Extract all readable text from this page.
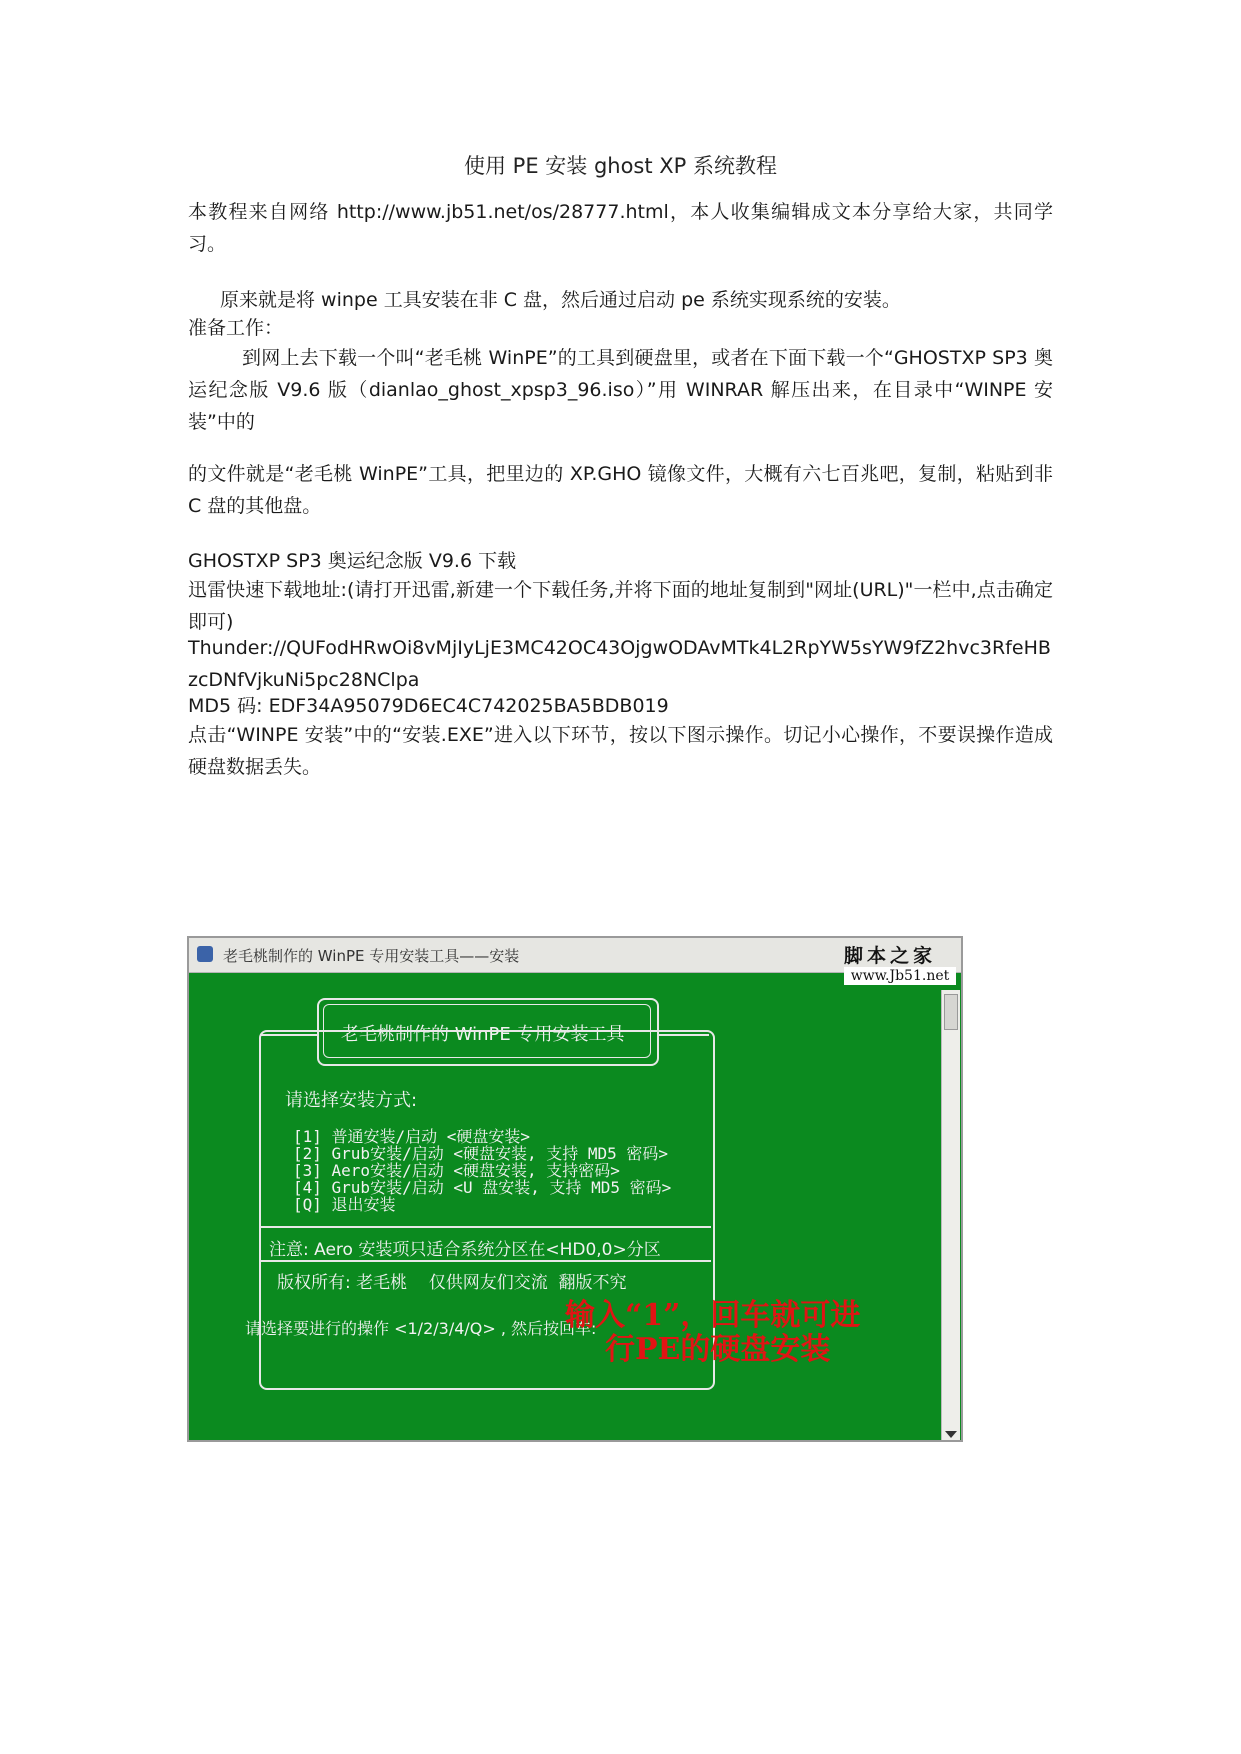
使用 PE 安装 ghost XP 系统教程

本教程来自网络 http://www.jb51.net/os/28777.html，本人收集编辑成文本分享给大家，共同学习。

原来就是将 winpe 工具安装在非 C 盘，然后通过启动 pe 系统实现系统的安装。

准备工作：

到网上去下载一个叫“老毛桃 WinPE”的工具到硬盘里，或者在下面下载一个“GHOSTXP SP3 奥运纪念版 V9.6 版（dianlao_ghost_xpsp3_96.iso）”用 WINRAR 解压出来，在目录中“WINPE 安装”中的

的文件就是“老毛桃 WinPE”工具，把里边的 XP.GHO 镜像文件，大概有六七百兆吧，复制，粘贴到非 C 盘的其他盘。

GHOSTXP SP3 奥运纪念版 V9.6 下载

迅雷快速下载地址:(请打开迅雷,新建一个下载任务,并将下面的地址复制到"网址(URL)"一栏中,点击确定即可)

Thunder://QUFodHRwOi8vMjIyLjE3MC42OC43OjgwODAvMTk4L2RpYW5sYW9fZ2hvc3RfeHBzcDNfVjkuNi5pc28NClpa

MD5 码: EDF34A95079D6EC4C742025BA5BDB019

点击“WINPE 安装”中的“安装.EXE”进入以下环节，按以下图示操作。切记小心操作，不要误操作造成硬盘数据丢失。

老毛桃制作的 WinPE 专用安装工具——安装	脚本之家
www.Jb51.net
老毛桃制作的 WinPE 专用安装工具
请选择安装方式:
[1] 普通安装/启动 <硬盘安装>
[2] Grub安装/启动 <硬盘安装, 支持 MD5 密码>
[3] Aero安装/启动 <硬盘安装, 支持密码>
[4] Grub安装/启动 <U 盘安装, 支持 MD5 密码>
[Q] 退出安装
注意: Aero 安装项只适合系统分区在<HD0,0>分区
版权所有: 老毛桃    仅供网友们交流  翻版不究
请选择要进行的操作 <1/2/3/4/Q> , 然后按回车:
输入“1”，回车就可进
行PE的硬盘安装
